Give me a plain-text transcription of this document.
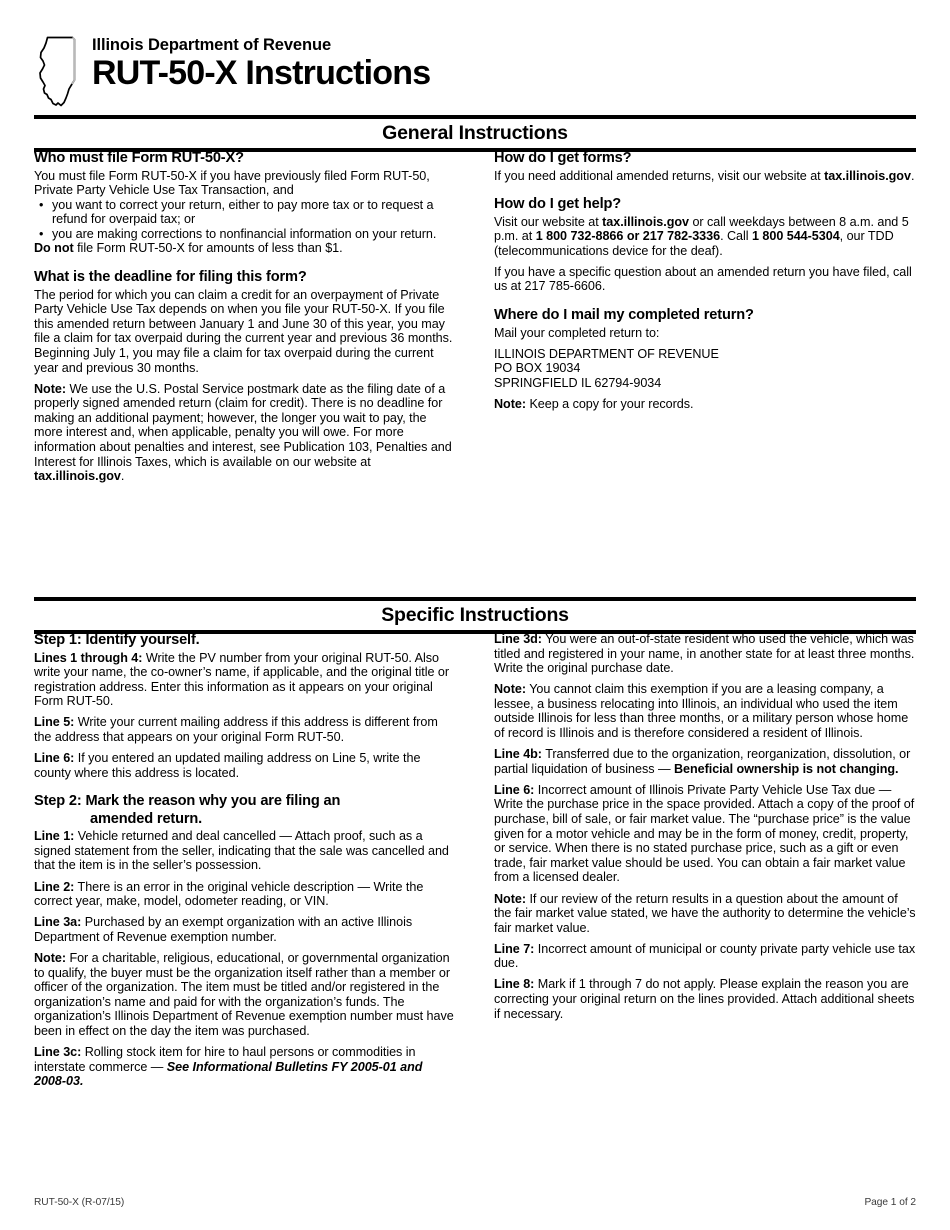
Illinois Department of Revenue
RUT-50-X Instructions
General Instructions
Who must file Form RUT-50-X?

You must file Form RUT-50-X if you have previously filed Form RUT-50, Private Party Vehicle Use Tax Transaction, and

• you want to correct your return, either to pay more tax or to request a refund for overpaid tax; or
• you are making corrections to nonfinancial information on your return.

Do not file Form RUT-50-X for amounts of less than $1.

What is the deadline for filing this form?

The period for which you can claim a credit for an overpayment of Private Party Vehicle Use Tax depends on when you file your RUT-50-X. If you file this amended return between January 1 and June 30 of this year, you may file a claim for tax overpaid during the current year and previous 36 months. Beginning July 1, you may file a claim for tax overpaid during the current year and previous 30 months.

Note: We use the U.S. Postal Service postmark date as the filing date of a properly signed amended return (claim for credit). There is no deadline for making an additional payment; however, the longer you wait to pay, the more interest and, when applicable, penalty you will owe. For more information about penalties and interest, see Publication 103, Penalties and Interest for Illinois Taxes, which is available on our website at tax.illinois.gov.

How do I get forms?

If you need additional amended returns, visit our website at tax.illinois.gov.

How do I get help?

Visit our website at tax.illinois.gov or call weekdays between 8 a.m. and 5 p.m. at 1 800 732-8866 or 217 782-3336. Call 1 800 544-5304, our TDD (telecommunications device for the deaf).

If you have a specific question about an amended return you have filed, call us at 217 785-6606.

Where do I mail my completed return?

Mail your completed return to:

ILLINOIS DEPARTMENT OF REVENUE

PO BOX 19034

SPRINGFIELD IL 62794-9034

Note: Keep a copy for your records.

Specific Instructions
Step 1: Identify yourself.

Lines 1 through 4: Write the PV number from your original RUT-50. Also write your name, the co-owner’s name, if applicable, and the original title or registration address. Enter this information as it appears on your original Form RUT-50.

Line 5: Write your current mailing address if this address is different from the address that appears on your original Form RUT-50.

Line 6: If you entered an updated mailing address on Line 5, write the county where this address is located.

Step 2: Mark the reason why you are filing an
amended return.

Line 1: Vehicle returned and deal cancelled — Attach proof, such as a signed statement from the seller, indicating that the sale was cancelled and that the item is in the seller’s possession.

Line 2: There is an error in the original vehicle description — Write the correct year, make, model, odometer reading, or VIN.

Line 3a: Purchased by an exempt organization with an active Illinois Department of Revenue exemption number.

Note: For a charitable, religious, educational, or governmental organization to qualify, the buyer must be the organization itself rather than a member or officer of the organization. The item must be titled and/or registered in the organization’s name and paid for with the organization’s funds. The organization’s Illinois Department of Revenue exemption number must have been in effect on the day the item was purchased.

Line 3c: Rolling stock item for hire to haul persons or commodities in interstate commerce — See Informational Bulletins FY 2005-01 and 2008-03.

Line 3d: You were an out-of-state resident who used the vehicle, which was titled and registered in your name, in another state for at least three months. Write the original purchase date.

Note: You cannot claim this exemption if you are a leasing company, a lessee, a business relocating into Illinois, an individual who used the item outside Illinois for less than three months, or a military person whose home of record is Illinois and is therefore considered a resident of Illinois.

Line 4b: Transferred due to the organization, reorganization, dissolution, or partial liquidation of business — Beneficial ownership is not changing.

Line 6: Incorrect amount of Illinois Private Party Vehicle Use Tax due — Write the purchase price in the space provided. Attach a copy of the proof of purchase, bill of sale, or fair market value. The “purchase price” is the value given for a motor vehicle and may be in the form of money, credit, property, or service. When there is no stated purchase price, such as a gift or even trade, fair market value should be used. You can obtain a fair market value from a licensed dealer.

Note: If our review of the return results in a question about the amount of the fair market value stated, we have the authority to determine the vehicle’s fair market value.

Line 7: Incorrect amount of municipal or county private party vehicle use tax due.

Line 8: Mark if 1 through 7 do not apply. Please explain the reason you are correcting your original return on the lines provided. Attach additional sheets if necessary.

RUT-50-X (R-07/15)	Page 1 of 2
